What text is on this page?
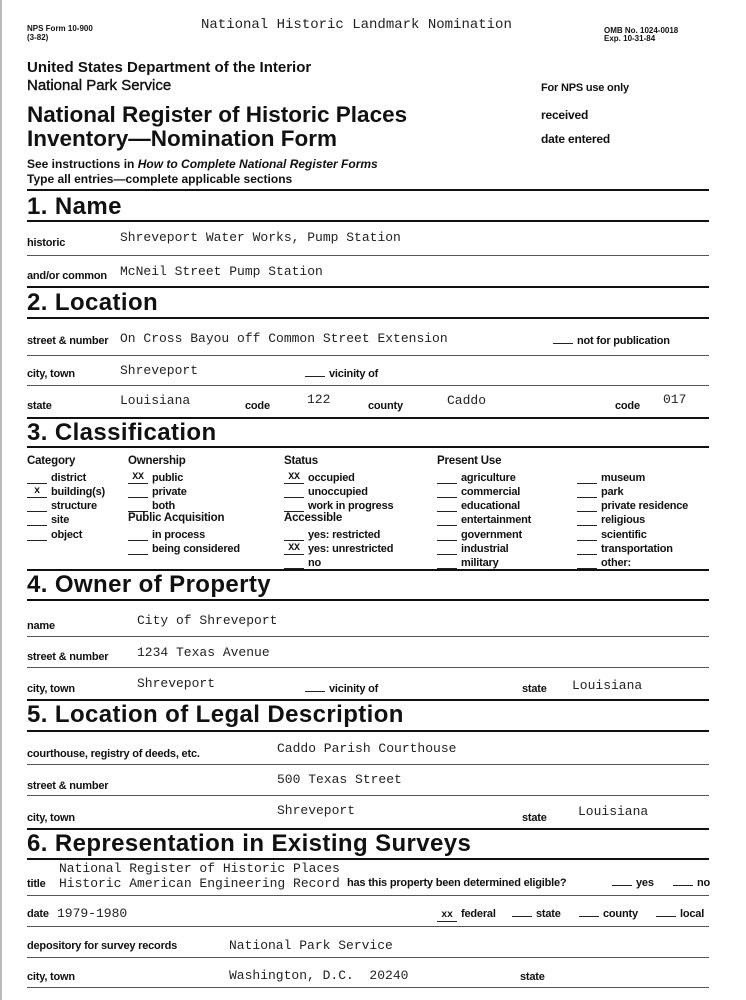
NPS Form 10-900
(3-82)
National Historic Landmark Nomination	OMB No. 1024-0018
Exp. 10-31-84
United States Department of the Interior
National Park Service
National Register of Historic Places
Inventory—Nomination Form
See instructions in How to Complete National Register Forms
Type all entries—complete applicable sections
For NPS use only
received
date entered
1. Name
historic	Shreveport Water Works, Pump Station
and/or common McNeil Street Pump Station
2. Location
street & number On Cross Bayou off Common Street Extension	not for publication
city, town	Shreveport	vicinity of
state	Louisiana	code	122	county	Caddo	code 017
3. Classification
Category
district
x	building(s)
structure
site
object
Ownership
XX public
private
both
Public Acquisition
in process
being considered
Status
XX occupied
unoccupied
work in progress
Accessible
yes: restricted
XX yes: unrestricted
no
Present Use
agriculture
commercial
educational
entertainment
government
industrial
military
museum
park
private residence
religious
scientific
transportation
other:
4. Owner of Property
name	City of Shreveport
street & number 1234 Texas Avenue
city, town	Shreveport	vicinity of	state Louisiana
5. Location of Legal Description
courthouse, registry of deeds, etc.	Caddo Parish Courthouse
street & number	500 Texas Street
city, town	Shreveport	state Louisiana
6. Representation in Existing Surveys
title
National Register of Historic Places
Historic American Engineering Record has this property been determined eligible?	yes	no
date 1979-1980	xx federal	state	county	local
depository for survey records	National Park Service
city, town	Washington, D.C.  20240	state
